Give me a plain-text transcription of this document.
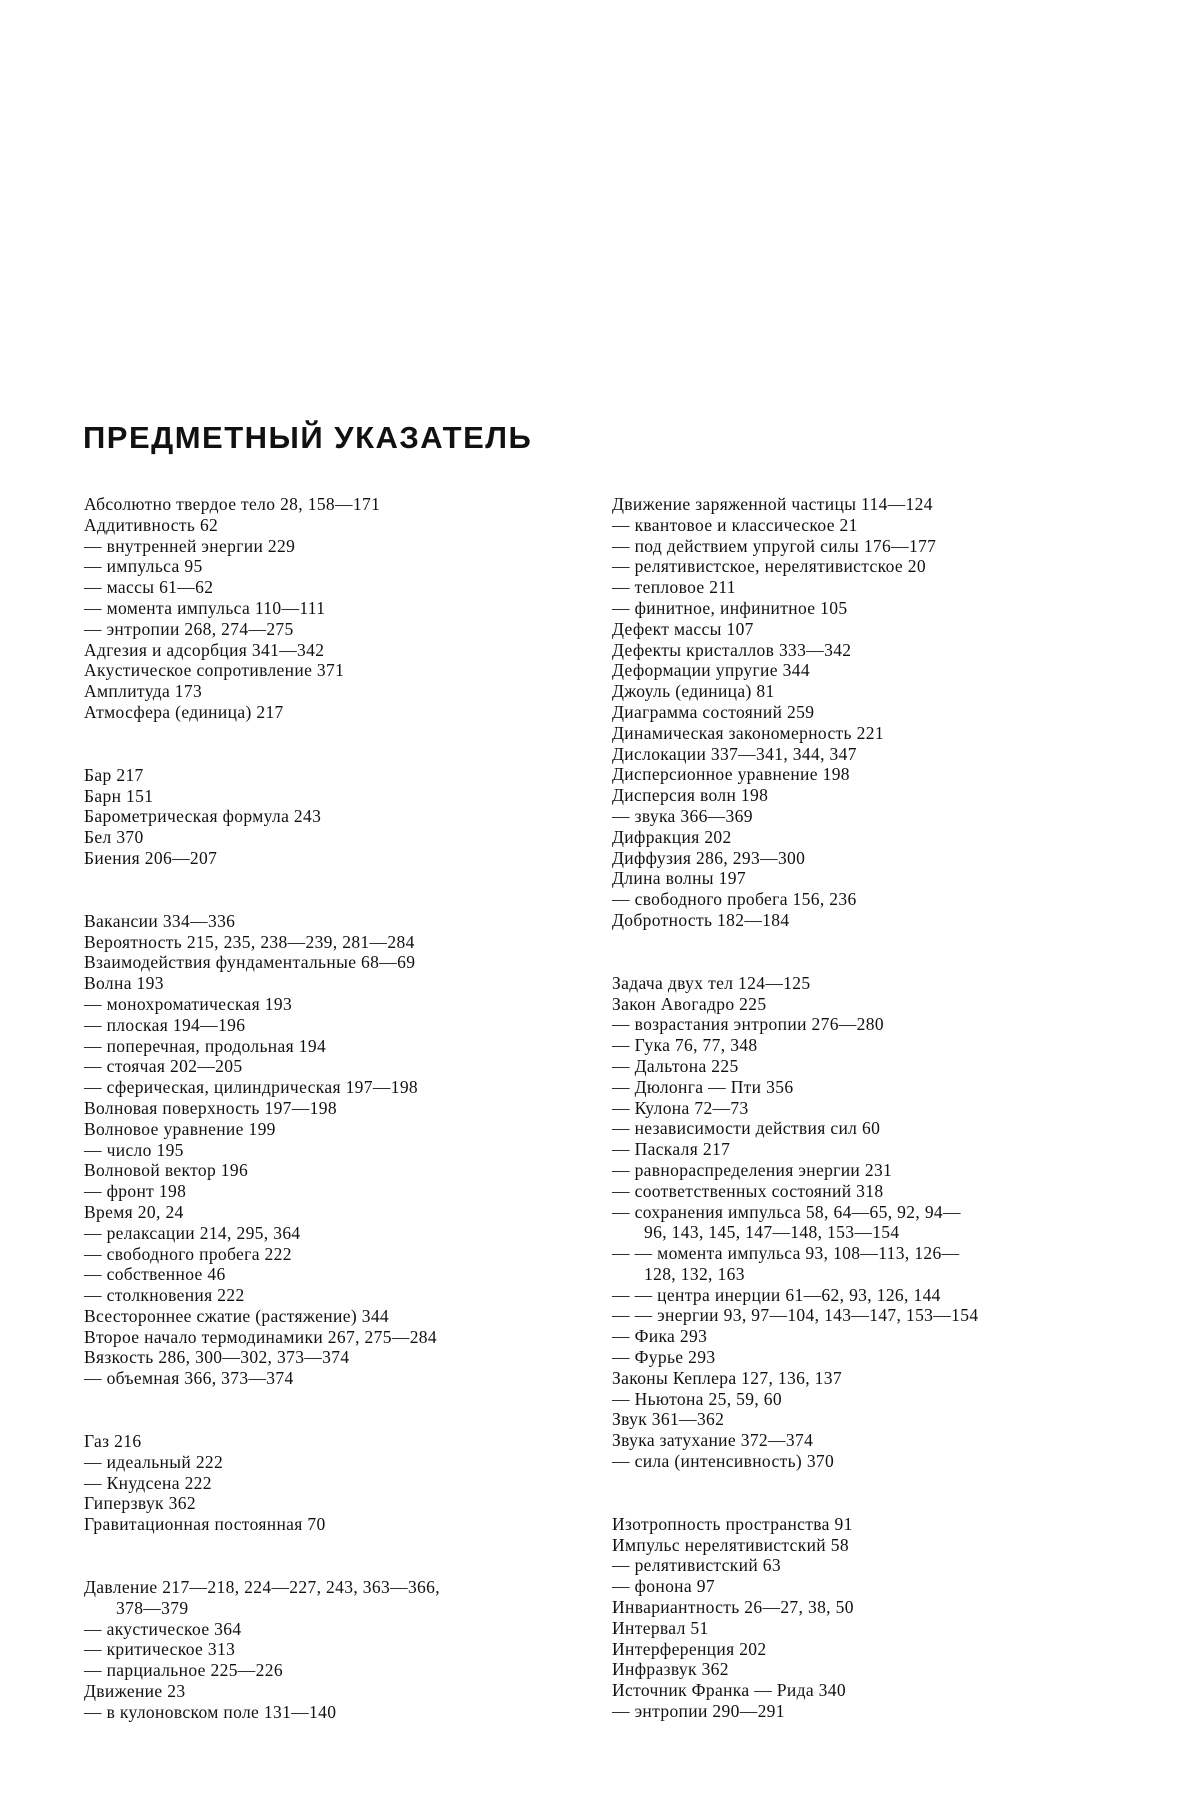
ПРЕДМЕТНЫЙ УКАЗАТЕЛЬ
Абсолютно твердое тело 28, 158—171
Аддитивность 62
— внутренней энергии 229
— импульса 95
— массы 61—62
— момента импульса 110—111
— энтропии 268, 274—275
Адгезия и адсорбция 341—342
Акустическое сопротивление 371
Амплитуда 173
Атмосфера (единица) 217
Бар 217
Барн 151
Барометрическая формула 243
Бел 370
Биения 206—207
Вакансии 334—336
Вероятность 215, 235, 238—239, 281—284
Взаимодействия фундаментальные 68—69
Волна 193
— монохроматическая 193
— плоская 194—196
— поперечная, продольная 194
— стоячая 202—205
— сферическая, цилиндрическая 197—198
Волновая поверхность 197—198
Волновое уравнение 199
— число 195
Волновой вектор 196
— фронт 198
Время 20, 24
— релаксации 214, 295, 364
— свободного пробега 222
— собственное 46
— столкновения 222
Всестороннее сжатие (растяжение) 344
Второе начало термодинамики 267, 275—284
Вязкость 286, 300—302, 373—374
— объемная 366, 373—374
Газ 216
— идеальный 222
— Кнудсена 222
Гиперзвук 362
Гравитационная постоянная 70
Давление 217—218, 224—227, 243, 363—366,
378—379
— акустическое 364
— критическое 313
— парциальное 225—226
Движение 23
— в кулоновском поле 131—140
Движение заряженной частицы 114—124
— квантовое и классическое 21
— под действием упругой силы 176—177
— релятивистское, нерелятивистское 20
— тепловое 211
— финитное, инфинитное 105
Дефект массы 107
Дефекты кристаллов 333—342
Деформации упругие 344
Джоуль (единица) 81
Диаграмма состояний 259
Динамическая закономерность 221
Дислокации 337—341, 344, 347
Дисперсионное уравнение 198
Дисперсия волн 198
— звука 366—369
Дифракция 202
Диффузия 286, 293—300
Длина волны 197
— свободного пробега 156, 236
Добротность 182—184
Задача двух тел 124—125
Закон Авогадро 225
— возрастания энтропии 276—280
— Гука 76, 77, 348
— Дальтона 225
— Дюлонга — Пти 356
— Кулона 72—73
— независимости действия сил 60
— Паскаля 217
— равнораспределения энергии 231
— соответственных состояний 318
— сохранения импульса 58, 64—65, 92, 94—
96, 143, 145, 147—148, 153—154
— — момента импульса 93, 108—113, 126—
128, 132, 163
— — центра инерции 61—62, 93, 126, 144
— — энергии 93, 97—104, 143—147, 153—154
— Фика 293
— Фурье 293
Законы Кеплера 127, 136, 137
— Ньютона 25, 59, 60
Звук 361—362
Звука затухание 372—374
— сила (интенсивность) 370
Изотропность пространства 91
Импульс нерелятивистский 58
— релятивистский 63
— фонона 97
Инвариантность 26—27, 38, 50
Интервал 51
Интерференция 202
Инфразвук 362
Источник Франка — Рида 340
— энтропии 290—291
